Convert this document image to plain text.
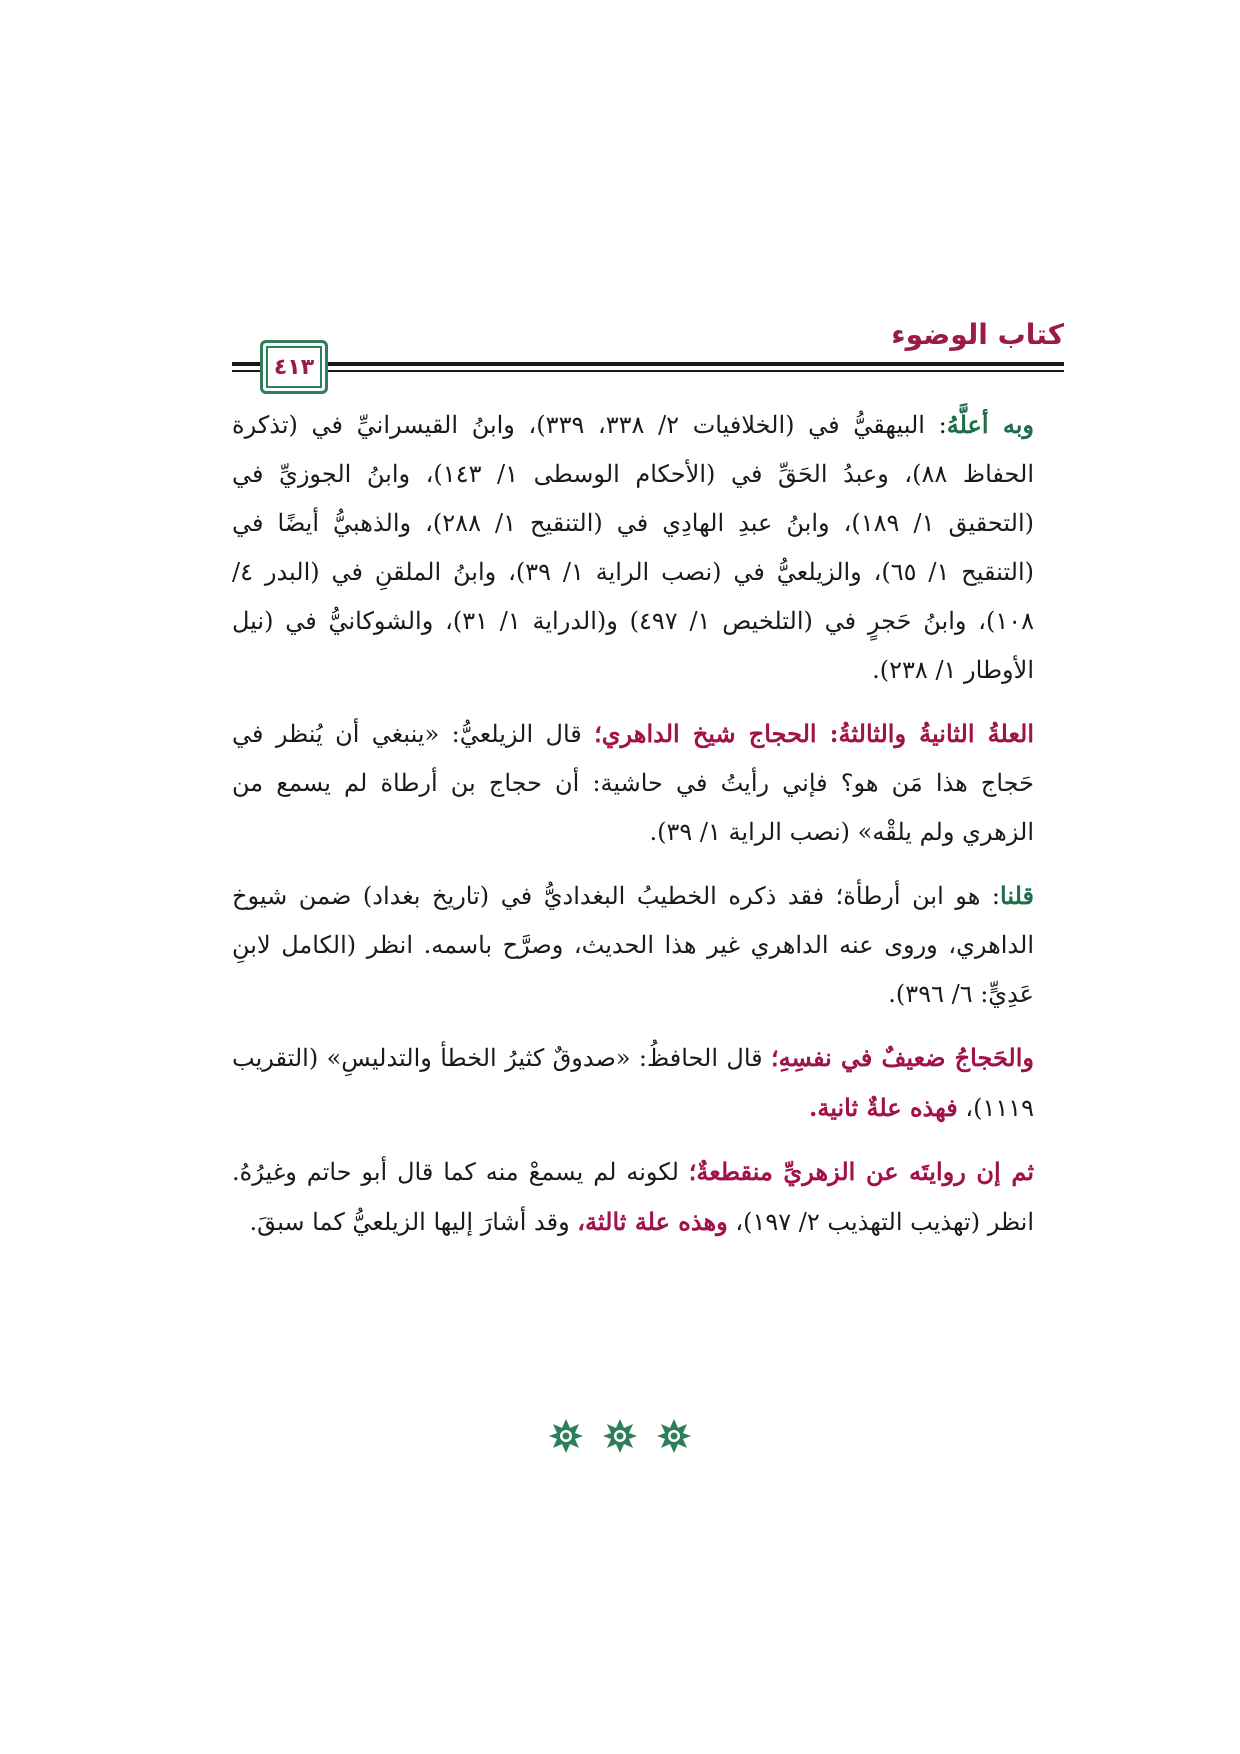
كتاب الوضوء
٤١٣

وبه أعلَّهُ: البيهقيُّ في (الخلافيات ٢/ ٣٣٨، ٣٣٩)، وابنُ القيسرانيِّ في (تذكرة الحفاظ ٨٨)، وعبدُ الحَقِّ في (الأحكام الوسطى ١/ ١٤٣)، وابنُ الجوزيِّ في (التحقيق ١/ ١٨٩)، وابنُ عبدِ الهادِي في (التنقيح ١/ ٢٨٨)، والذهبيُّ أيضًا في (التنقيح ١/ ٦٥)، والزيلعيُّ في (نصب الراية ١/ ٣٩)، وابنُ الملقنِ في (البدر ٤/ ١٠٨)، وابنُ حَجرٍ في (التلخيص ١/ ٤٩٧) و(الدراية ١/ ٣١)، والشوكانيُّ في (نيل الأوطار ١/ ٢٣٨).

العلةُ الثانيةُ والثالثةُ: الحجاج شيخ الداهري؛ قال الزيلعيُّ: «ينبغي أن يُنظر في حَجاج هذا مَن هو؟ فإني رأيتُ في حاشية: أن حجاج بن أرطاة لم يسمع من الزهري ولم يلقْه» (نصب الراية ١/ ٣٩).

قلنا: هو ابن أرطأة؛ فقد ذكره الخطيبُ البغداديُّ في (تاريخ بغداد) ضمن شيوخ الداهري، وروى عنه الداهري غير هذا الحديث، وصرَّح باسمه. انظر (الكامل لابنِ عَدِيٍّ: ٦/ ٣٩٦).

والحَجاجُ ضعيفٌ في نفسِهِ؛ قال الحافظُ: «صدوقٌ كثيرُ الخطأ والتدليسِ» (التقريب ١١١٩)، فهذه علةٌ ثانية.

ثم إن روايتَه عن الزهريِّ منقطعةٌ؛ لكونه لم يسمعْ منه كما قال أبو حاتم وغيرُهُ. انظر (تهذيب التهذيب ٢/ ١٩٧)، وهذه علة ثالثة، وقد أشارَ إليها الزيلعيُّ كما سبقَ.
